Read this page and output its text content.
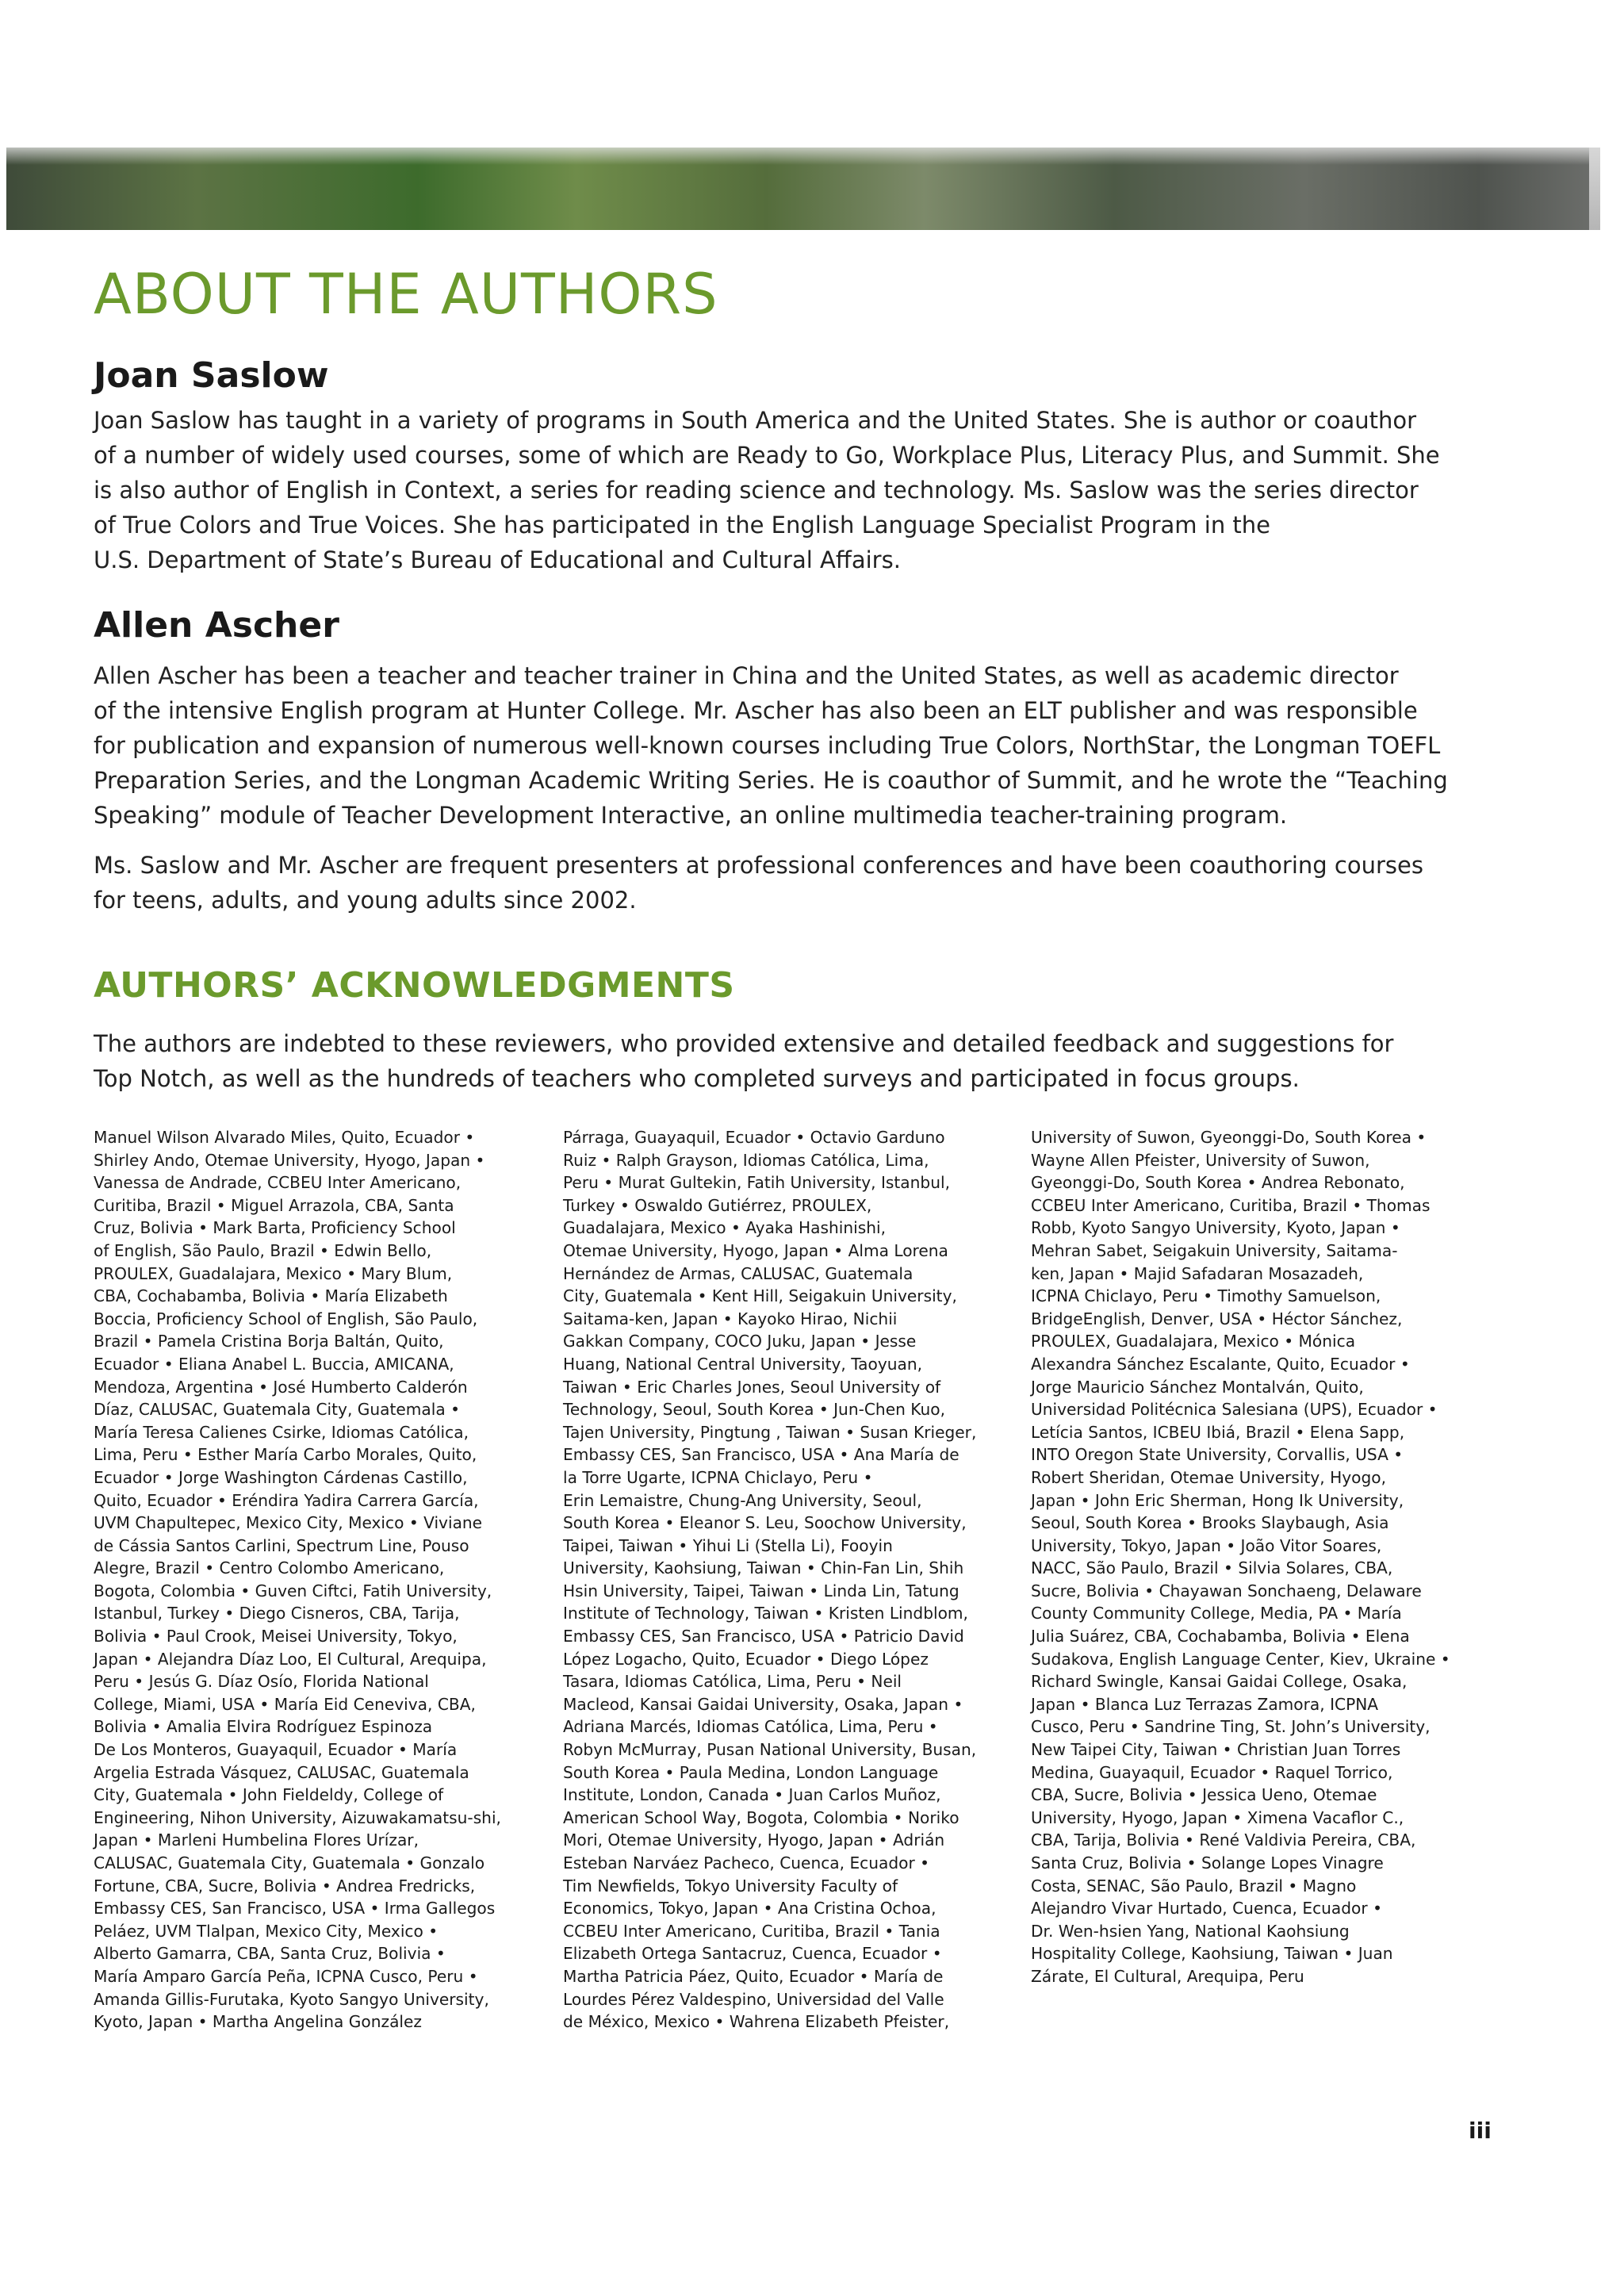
ABOUT THE AUTHORS
Joan Saslow
Joan Saslow has taught in a variety of programs in South America and the United States. She is author or coauthor
of a number of widely used courses, some of which are Ready to Go, Workplace Plus, Literacy Plus, and Summit. She
is also author of English in Context, a series for reading science and technology. Ms. Saslow was the series director
of True Colors and True Voices. She has participated in the English Language Specialist Program in the
U.S. Department of State’s Bureau of Educational and Cultural Affairs.
Allen Ascher
Allen Ascher has been a teacher and teacher trainer in China and the United States, as well as academic director
of the intensive English program at Hunter College. Mr. Ascher has also been an ELT publisher and was responsible
for publication and expansion of numerous well-known courses including True Colors, NorthStar, the Longman TOEFL
Preparation Series, and the Longman Academic Writing Series. He is coauthor of Summit, and he wrote the “Teaching
Speaking” module of Teacher Development Interactive, an online multimedia teacher-training program.
Ms. Saslow and Mr. Ascher are frequent presenters at professional conferences and have been coauthoring courses
for teens, adults, and young adults since 2002.
AUTHORS’ ACKNOWLEDGMENTS
The authors are indebted to these reviewers, who provided extensive and detailed feedback and suggestions for
Top Notch, as well as the hundreds of teachers who completed surveys and participated in focus groups.
Manuel Wilson Alvarado Miles, Quito, Ecuador •
Shirley Ando, Otemae University, Hyogo, Japan •
Vanessa de Andrade, CCBEU Inter Americano,
Curitiba, Brazil • Miguel Arrazola, CBA, Santa
Cruz, Bolivia • Mark Barta, Proficiency School
of English, São Paulo, Brazil • Edwin Bello,
PROULEX, Guadalajara, Mexico • Mary Blum,
CBA, Cochabamba, Bolivia • María Elizabeth
Boccia, Proficiency School of English, São Paulo,
Brazil • Pamela Cristina Borja Baltán, Quito,
Ecuador • Eliana Anabel L. Buccia, AMICANA,
Mendoza, Argentina • José Humberto Calderón
Díaz, CALUSAC, Guatemala City, Guatemala •
María Teresa Calienes Csirke, Idiomas Católica,
Lima, Peru • Esther María Carbo Morales, Quito,
Ecuador • Jorge Washington Cárdenas Castillo,
Quito, Ecuador • Eréndira Yadira Carrera García,
UVM Chapultepec, Mexico City, Mexico • Viviane
de Cássia Santos Carlini, Spectrum Line, Pouso
Alegre, Brazil • Centro Colombo Americano,
Bogota, Colombia • Guven Ciftci, Fatih University,
Istanbul, Turkey • Diego Cisneros, CBA, Tarija,
Bolivia • Paul Crook, Meisei University, Tokyo,
Japan • Alejandra Díaz Loo, El Cultural, Arequipa,
Peru • Jesús G. Díaz Osío, Florida National
College, Miami, USA • María Eid Ceneviva, CBA,
Bolivia • Amalia Elvira Rodríguez Espinoza
De Los Monteros, Guayaquil, Ecuador • María
Argelia Estrada Vásquez, CALUSAC, Guatemala
City, Guatemala • John Fieldeldy, College of
Engineering, Nihon University, Aizuwakamatsu-shi,
Japan • Marleni Humbelina Flores Urízar,
CALUSAC, Guatemala City, Guatemala • Gonzalo
Fortune, CBA, Sucre, Bolivia • Andrea Fredricks,
Embassy CES, San Francisco, USA • Irma Gallegos
Peláez, UVM Tlalpan, Mexico City, Mexico •
Alberto Gamarra, CBA, Santa Cruz, Bolivia •
María Amparo García Peña, ICPNA Cusco, Peru •
Amanda Gillis-Furutaka, Kyoto Sangyo University,
Kyoto, Japan • Martha Angelina González
Párraga, Guayaquil, Ecuador • Octavio Garduno
Ruiz • Ralph Grayson, Idiomas Católica, Lima,
Peru • Murat Gultekin, Fatih University, Istanbul,
Turkey • Oswaldo Gutiérrez, PROULEX,
Guadalajara, Mexico • Ayaka Hashinishi,
Otemae University, Hyogo, Japan • Alma Lorena
Hernández de Armas, CALUSAC, Guatemala
City, Guatemala • Kent Hill, Seigakuin University,
Saitama-ken, Japan • Kayoko Hirao, Nichii
Gakkan Company, COCO Juku, Japan • Jesse
Huang, National Central University, Taoyuan,
Taiwan • Eric Charles Jones, Seoul University of
Technology, Seoul, South Korea • Jun-Chen Kuo,
Tajen University, Pingtung , Taiwan • Susan Krieger,
Embassy CES, San Francisco, USA • Ana María de
la Torre Ugarte, ICPNA Chiclayo, Peru •
Erin Lemaistre, Chung-Ang University, Seoul,
South Korea • Eleanor S. Leu, Soochow University,
Taipei, Taiwan • Yihui Li (Stella Li), Fooyin
University, Kaohsiung, Taiwan • Chin-Fan Lin, Shih
Hsin University, Taipei, Taiwan • Linda Lin, Tatung
Institute of Technology, Taiwan • Kristen Lindblom,
Embassy CES, San Francisco, USA • Patricio David
López Logacho, Quito, Ecuador • Diego López
Tasara, Idiomas Católica, Lima, Peru • Neil
Macleod, Kansai Gaidai University, Osaka, Japan •
Adriana Marcés, Idiomas Católica, Lima, Peru •
Robyn McMurray, Pusan National University, Busan,
South Korea • Paula Medina, London Language
Institute, London, Canada • Juan Carlos Muñoz,
American School Way, Bogota, Colombia • Noriko
Mori, Otemae University, Hyogo, Japan • Adrián
Esteban Narváez Pacheco, Cuenca, Ecuador •
Tim Newfields, Tokyo University Faculty of
Economics, Tokyo, Japan • Ana Cristina Ochoa,
CCBEU Inter Americano, Curitiba, Brazil • Tania
Elizabeth Ortega Santacruz, Cuenca, Ecuador •
Martha Patricia Páez, Quito, Ecuador • María de
Lourdes Pérez Valdespino, Universidad del Valle
de México, Mexico • Wahrena Elizabeth Pfeister,
University of Suwon, Gyeonggi-Do, South Korea •
Wayne Allen Pfeister, University of Suwon,
Gyeonggi-Do, South Korea • Andrea Rebonato,
CCBEU Inter Americano, Curitiba, Brazil • Thomas
Robb, Kyoto Sangyo University, Kyoto, Japan •
Mehran Sabet, Seigakuin University, Saitama-
ken, Japan • Majid Safadaran Mosazadeh,
ICPNA Chiclayo, Peru • Timothy Samuelson,
BridgeEnglish, Denver, USA • Héctor Sánchez,
PROULEX, Guadalajara, Mexico • Mónica
Alexandra Sánchez Escalante, Quito, Ecuador •
Jorge Mauricio Sánchez Montalván, Quito,
Universidad Politécnica Salesiana (UPS), Ecuador •
Letícia Santos, ICBEU Ibiá, Brazil • Elena Sapp,
INTO Oregon State University, Corvallis, USA •
Robert Sheridan, Otemae University, Hyogo,
Japan • John Eric Sherman, Hong Ik University,
Seoul, South Korea • Brooks Slaybaugh, Asia
University, Tokyo, Japan • João Vitor Soares,
NACC, São Paulo, Brazil • Silvia Solares, CBA,
Sucre, Bolivia • Chayawan Sonchaeng, Delaware
County Community College, Media, PA • María
Julia Suárez, CBA, Cochabamba, Bolivia • Elena
Sudakova, English Language Center, Kiev, Ukraine •
Richard Swingle, Kansai Gaidai College, Osaka,
Japan • Blanca Luz Terrazas Zamora, ICPNA
Cusco, Peru • Sandrine Ting, St. John’s University,
New Taipei City, Taiwan • Christian Juan Torres
Medina, Guayaquil, Ecuador • Raquel Torrico,
CBA, Sucre, Bolivia • Jessica Ueno, Otemae
University, Hyogo, Japan • Ximena Vacaflor C.,
CBA, Tarija, Bolivia • René Valdivia Pereira, CBA,
Santa Cruz, Bolivia • Solange Lopes Vinagre
Costa, SENAC, São Paulo, Brazil • Magno
Alejandro Vivar Hurtado, Cuenca, Ecuador •
Dr. Wen-hsien Yang, National Kaohsiung
Hospitality College, Kaohsiung, Taiwan • Juan
Zárate, El Cultural, Arequipa, Peru
iii
